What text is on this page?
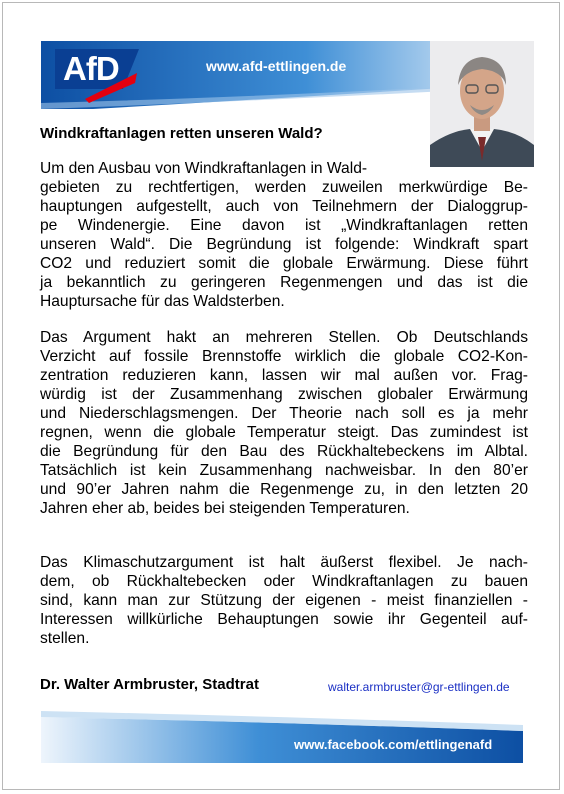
AfD	www.afd-ettlingen.de
Windkraftanlagen retten unseren Wald?
Um den Ausbau von Windkraftanlagen in Wald-
gebieten zu rechtfertigen, werden zuweilen merkwürdige Be-
hauptungen aufgestellt, auch von Teilnehmern der Dialoggrup-
pe Windenergie. Eine davon ist „Windkraftanlagen retten
unseren Wald“. Die Begründung ist folgende: Windkraft spart
CO2 und reduziert somit die globale Erwärmung. Diese führt
ja bekanntlich zu geringeren Regenmengen und das ist die
Hauptursache für das Waldsterben.
Das Argument hakt an mehreren Stellen. Ob Deutschlands
Verzicht auf fossile Brennstoffe wirklich die globale CO2-Kon-
zentration reduzieren kann, lassen wir mal außen vor. Frag-
würdig ist der Zusammenhang zwischen globaler Erwärmung
und Niederschlagsmengen. Der Theorie nach soll es ja mehr
regnen, wenn die globale Temperatur steigt. Das zumindest ist
die Begründung für den Bau des Rückhaltebeckens im Albtal.
Tatsächlich ist kein Zusammenhang nachweisbar. In den 80’er
und 90’er Jahren nahm die Regenmenge zu, in den letzten 20
Jahren eher ab, beides bei steigenden Temperaturen.
Das Klimaschutzargument ist halt äußerst flexibel. Je nach-
dem, ob Rückhaltebecken oder Windkraftanlagen zu bauen
sind, kann man zur Stützung der eigenen - meist finanziellen -
Interessen willkürliche Behauptungen sowie ihr Gegenteil auf-
stellen.
Dr. Walter Armbruster, Stadtrat	walter.armbruster@gr-ettlingen.de
www.facebook.com/ettlingenafd
